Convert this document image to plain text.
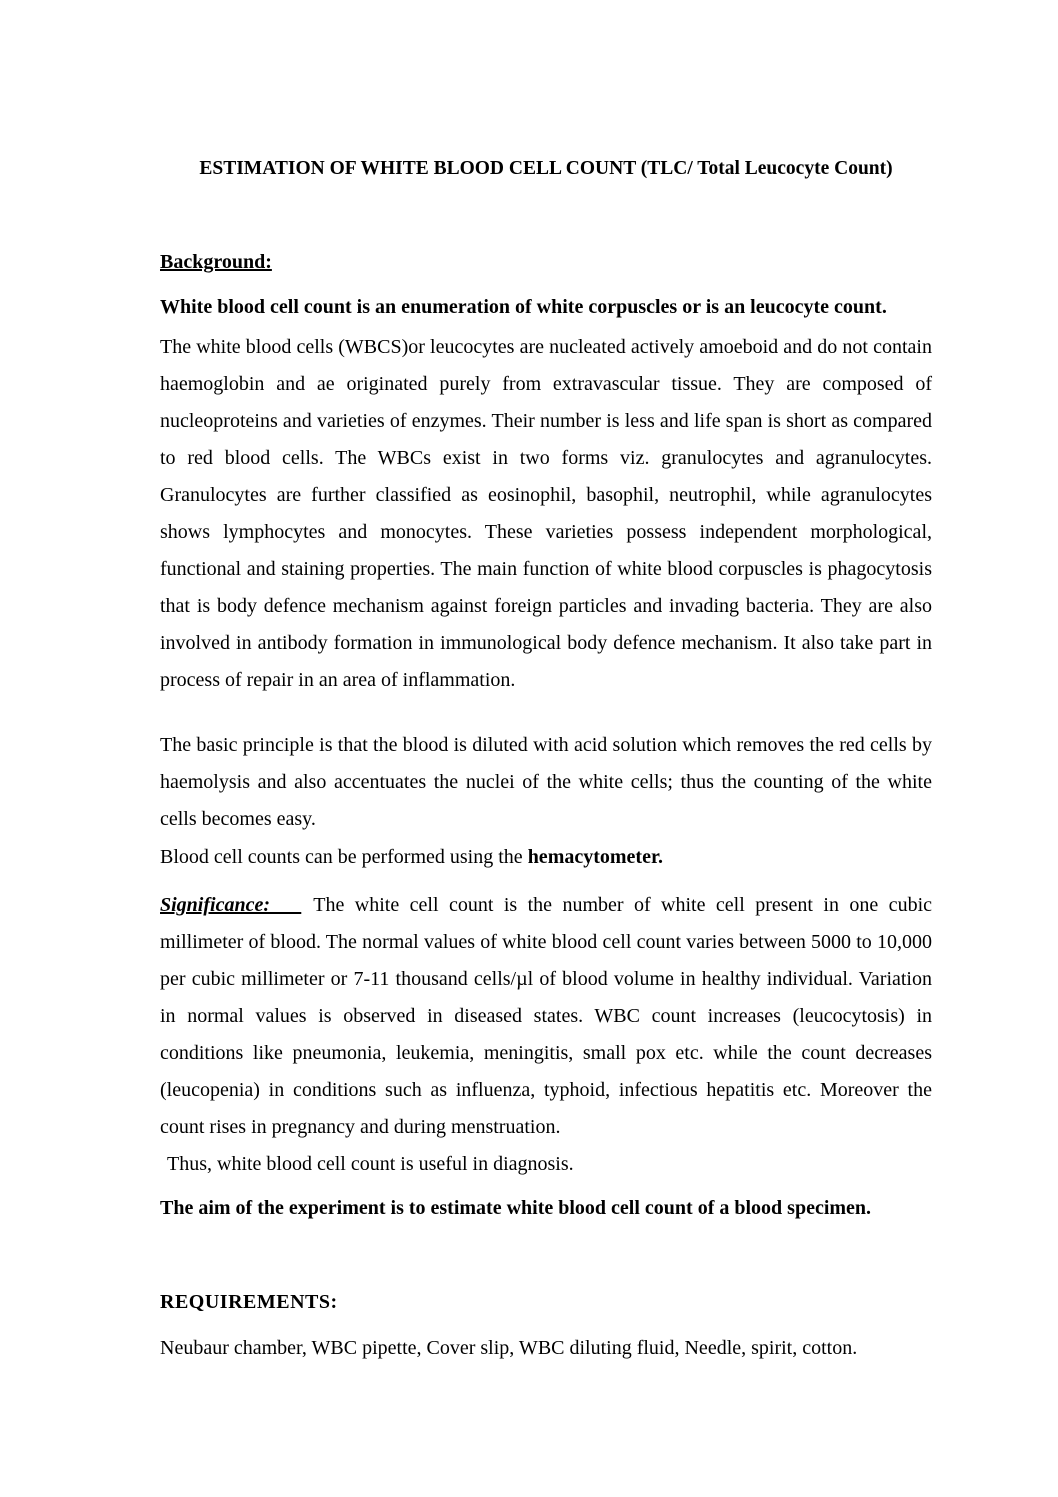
ESTIMATION OF WHITE BLOOD CELL COUNT (TLC/ Total Leucocyte Count)

Background:

White blood cell count is an enumeration of white corpuscles or is an leucocyte count.

The white blood cells (WBCS)or leucocytes are nucleated actively amoeboid and do not contain haemoglobin and ae originated purely from extravascular tissue. They are composed of nucleoproteins and varieties of enzymes. Their number is less and life span is short as compared to red blood cells. The WBCs exist in two forms viz. granulocytes and agranulocytes. Granulocytes are further classified as eosinophil, basophil, neutrophil, while agranulocytes shows lymphocytes and monocytes. These varieties possess independent morphological, functional and staining properties. The main function of white blood corpuscles is phagocytosis that is body defence mechanism against foreign particles and invading bacteria. They are also involved in antibody formation in immunological body defence mechanism. It also take part in process of repair in an area of inflammation.

The basic principle is that the blood is diluted with acid solution which removes the red cells by haemolysis and also accentuates the nuclei of the white cells; thus the counting of the white cells becomes easy.

Blood cell counts can be performed using the hemacytometer.

Significance:   The white cell count is the number of white cell present in one cubic millimeter of blood. The normal values of white blood cell count varies between 5000 to 10,000 per cubic millimeter or 7-11 thousand cells/µl of blood volume in healthy individual. Variation in normal values is observed in diseased states. WBC count increases (leucocytosis) in conditions like pneumonia, leukemia, meningitis, small pox etc. while the count decreases (leucopenia) in conditions such as influenza, typhoid, infectious hepatitis etc. Moreover the count rises in pregnancy and during menstruation.

Thus, white blood cell count is useful in diagnosis.

The aim of the experiment is to estimate white blood cell count of a blood specimen.

REQUIREMENTS:

Neubaur chamber, WBC pipette, Cover slip, WBC diluting fluid, Needle, spirit, cotton.
